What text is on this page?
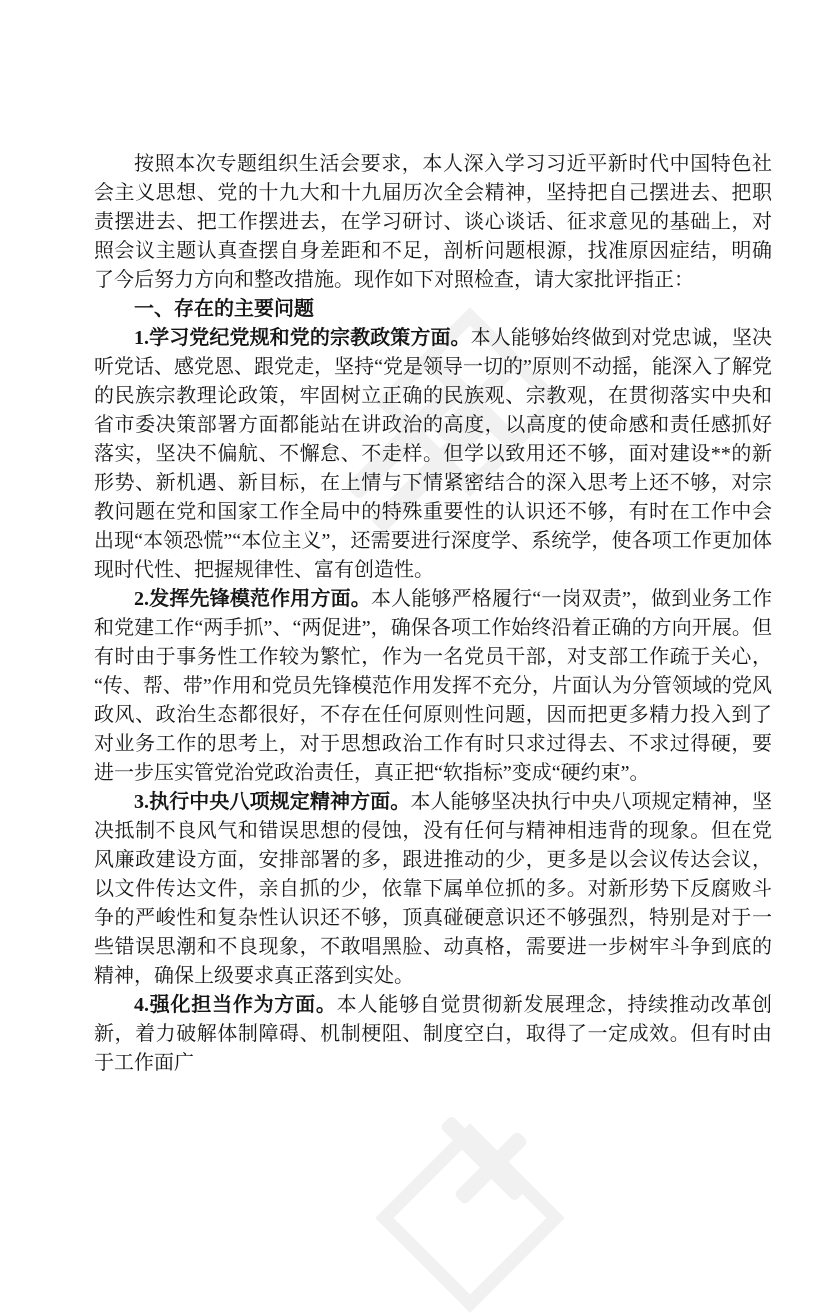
按照本次专题组织生活会要求，本人深入学习习近平新时代中国特色社会主义思想、党的十九大和十九届历次全会精神，坚持把自己摆进去、把职责摆进去、把工作摆进去，在学习研讨、谈心谈话、征求意见的基础上，对照会议主题认真查摆自身差距和不足，剖析问题根源，找准原因症结，明确了今后努力方向和整改措施。现作如下对照检查，请大家批评指正：

一、存在的主要问题

1.学习党纪党规和党的宗教政策方面。本人能够始终做到对党忠诚，坚决听党话、感党恩、跟党走，坚持“党是领导一切的”原则不动摇，能深入了解党的民族宗教理论政策，牢固树立正确的民族观、宗教观，在贯彻落实中央和省市委决策部署方面都能站在讲政治的高度，以高度的使命感和责任感抓好落实，坚决不偏航、不懈怠、不走样。但学以致用还不够，面对建设**的新形势、新机遇、新目标，在上情与下情紧密结合的深入思考上还不够，对宗教问题在党和国家工作全局中的特殊重要性的认识还不够，有时在工作中会出现“本领恐慌”“本位主义”，还需要进行深度学、系统学，使各项工作更加体现时代性、把握规律性、富有创造性。

2.发挥先锋模范作用方面。本人能够严格履行“一岗双责”，做到业务工作和党建工作“两手抓”、“两促进”，确保各项工作始终沿着正确的方向开展。但有时由于事务性工作较为繁忙，作为一名党员干部，对支部工作疏于关心，“传、帮、带”作用和党员先锋模范作用发挥不充分，片面认为分管领域的党风政风、政治生态都很好，不存在任何原则性问题，因而把更多精力投入到了对业务工作的思考上，对于思想政治工作有时只求过得去、不求过得硬，要进一步压实管党治党政治责任，真正把“软指标”变成“硬约束”。

3.执行中央八项规定精神方面。本人能够坚决执行中央八项规定精神，坚决抵制不良风气和错误思想的侵蚀，没有任何与精神相违背的现象。但在党风廉政建设方面，安排部署的多，跟进推动的少，更多是以会议传达会议，以文件传达文件，亲自抓的少，依靠下属单位抓的多。对新形势下反腐败斗争的严峻性和复杂性认识还不够，顶真碰硬意识还不够强烈，特别是对于一些错误思潮和不良现象，不敢唱黑脸、动真格，需要进一步树牢斗争到底的精神，确保上级要求真正落到实处。

4.强化担当作为方面。本人能够自觉贯彻新发展理念，持续推动改革创新，着力破解体制障碍、机制梗阻、制度空白，取得了一定成效。但有时由于工作面广
